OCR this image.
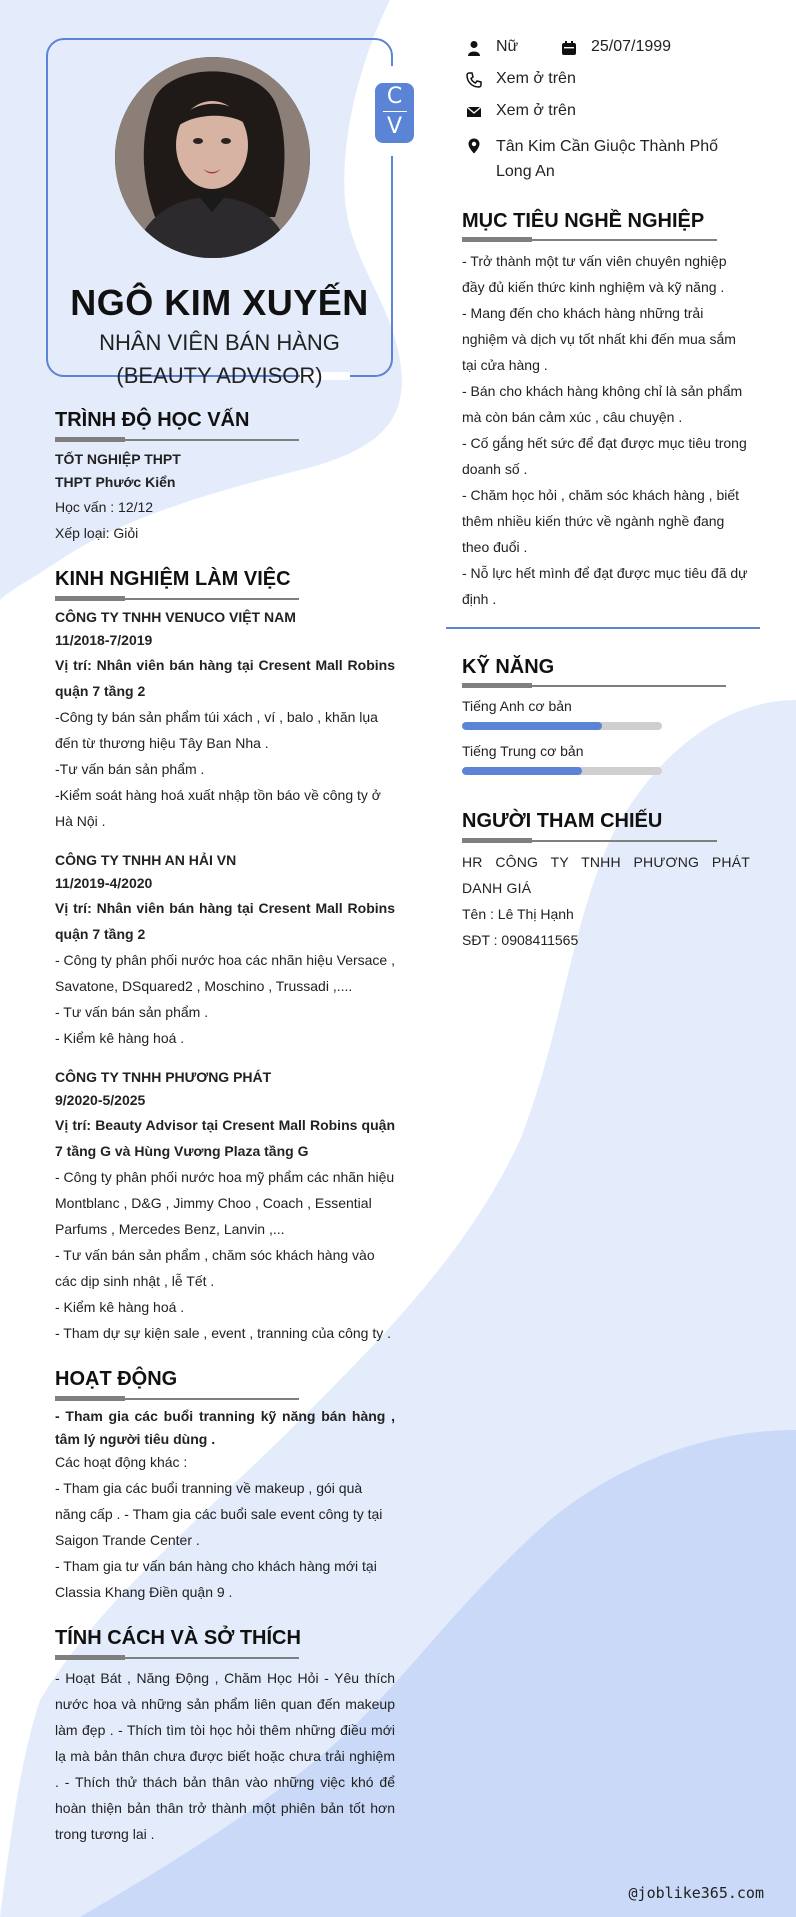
C
V
NGÔ KIM XUYẾN
NHÂN VIÊN BÁN HÀNG
(BEAUTY ADVISOR)
TRÌNH ĐỘ HỌC VẤN
TỐT NGHIỆP THPT
THPT Phước Kiển
Học vấn : 12/12
Xếp loại: Giỏi
KINH NGHIỆM LÀM VIỆC
CÔNG TY TNHH VENUCO VIỆT NAM
11/2018-7/2019
Vị trí: Nhân viên bán hàng tại Cresent Mall Robins quận 7 tầng 2
-Công ty bán sản phẩm túi xách , ví , balo , khăn lụa đến từ thương hiệu Tây Ban Nha .
-Tư vấn bán sản phẩm .
-Kiểm soát hàng hoá xuất nhập tồn báo về công ty ở Hà Nội .
CÔNG TY TNHH AN HẢI VN
11/2019-4/2020
Vị trí: Nhân viên bán hàng tại Cresent Mall Robins quận 7 tầng 2
- Công ty phân phối nước hoa các nhãn hiệu Versace , Savatone, DSquared2 , Moschino , Trussadi ,....
- Tư vấn bán sản phẩm .
- Kiểm kê hàng hoá .
CÔNG TY TNHH PHƯƠNG PHÁT
9/2020-5/2025
Vị trí: Beauty Advisor tại Cresent Mall Robins quận 7 tầng G và Hùng Vương Plaza tầng G
- Công ty phân phối nước hoa mỹ phẩm các nhãn hiệu Montblanc , D&G , Jimmy Choo , Coach , Essential Parfums , Mercedes Benz, Lanvin ,...
- Tư vấn bán sản phẩm , chăm sóc khách hàng vào các dịp sinh nhật , lễ Tết .
- Kiểm kê hàng hoá .
- Tham dự sự kiện sale , event , tranning của công ty .
HOẠT ĐỘNG
- Tham gia các buổi tranning kỹ năng bán hàng , tâm lý người tiêu dùng .
Các hoạt động khác :
- Tham gia các buổi tranning về makeup , gói quà năng cấp . - Tham gia các buổi sale event công ty tại Saigon Trande Center .
- Tham gia tư vấn bán hàng cho khách hàng mới tại Classia Khang Điền quận 9 .
TÍNH CÁCH VÀ SỞ THÍCH
- Hoạt Bát , Năng Động , Chăm Học Hỏi - Yêu thích nước hoa và những sản phẩm liên quan đến makeup làm đẹp . - Thích tìm tòi học hỏi thêm những điều mới lạ mà bản thân chưa được biết hoặc chưa trải nghiệm . - Thích thử thách bản thân vào những việc khó để hoàn thiện bản thân trở thành một phiên bản tốt hơn trong tương lai .
Nữ	25/07/1999
Xem ở trên
Xem ở trên
Tân Kim Cần Giuộc Thành Phố Long An
MỤC TIÊU NGHỀ NGHIỆP
- Trở thành một tư vấn viên chuyên nghiệp đầy đủ kiến thức kinh nghiệm và kỹ năng .
- Mang đến cho khách hàng những trải nghiệm và dịch vụ tốt nhất khi đến mua sắm tại cửa hàng .
- Bán cho khách hàng không chỉ là sản phẩm mà còn bán cảm xúc , câu chuyện .
- Cố gắng hết sức để đạt được mục tiêu trong doanh số .
- Chăm học hỏi , chăm sóc khách hàng , biết thêm nhiều kiến thức về ngành nghề đang theo đuổi .
- Nỗ lực hết mình để đạt được mục tiêu đã dự định .
KỸ NĂNG
Tiếng Anh cơ bản
Tiếng Trung cơ bản
NGƯỜI THAM CHIẾU
HR CÔNG TY TNHH PHƯƠNG PHÁT DANH GIÁ
Tên : Lê Thị Hạnh
SĐT : 0908411565
@joblike365.com
